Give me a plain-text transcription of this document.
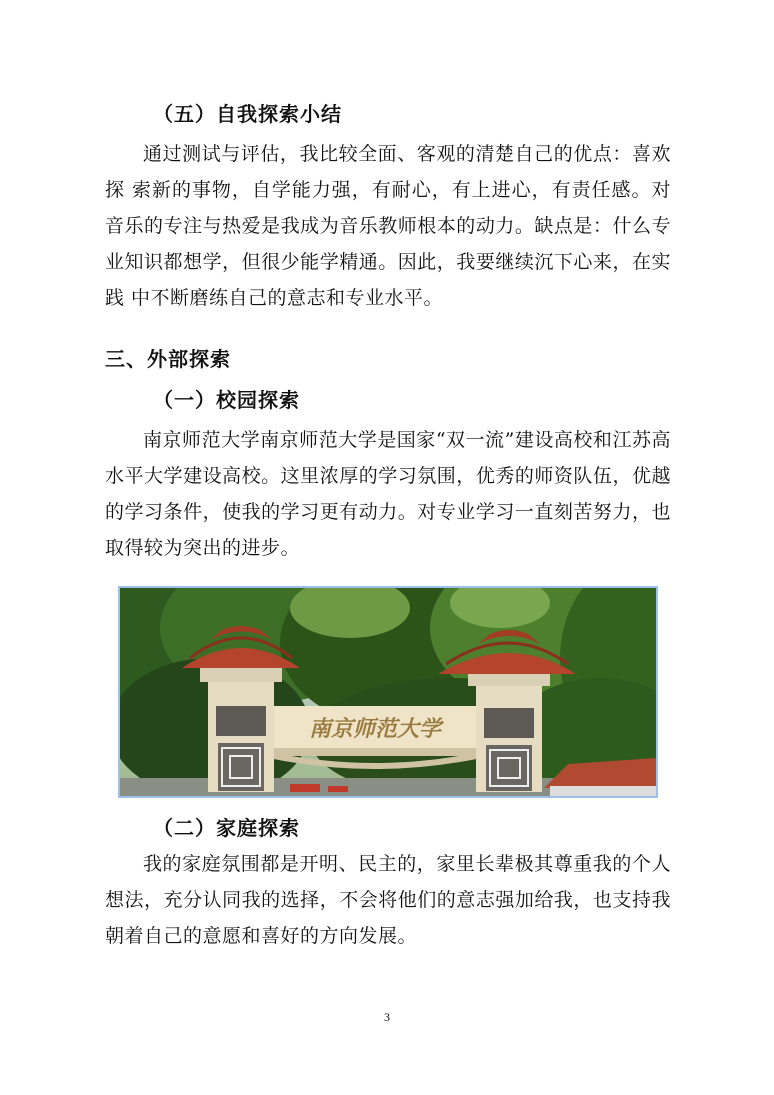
（五）自我探索小结
通过测试与评估，我比较全面、客观的清楚自己的优点：喜欢探 索新的事物，自学能力强，有耐心，有上进心，有责任感。对音乐的专注与热爱是我成为音乐教师根本的动力。缺点是：什么专 业知识都想学，但很少能学精通。因此，我要继续沉下心来，在实践 中不断磨练自己的意志和专业水平。
三、外部探索
（一）校园探索
南京师范大学南京师范大学是国家“双一流”建设高校和江苏高水平大学建设高校。这里浓厚的学习氛围，优秀的师资队伍，优越的学习条件，使我的学习更有动力。对专业学习一直刻苦努力，也取得较为突出的进步。
南京师范大学
（二）家庭探索
我的家庭氛围都是开明、民主的，家里长辈极其尊重我的个人想法，充分认同我的选择，不会将他们的意志强加给我，也支持我朝着自己的意愿和喜好的方向发展。
3
